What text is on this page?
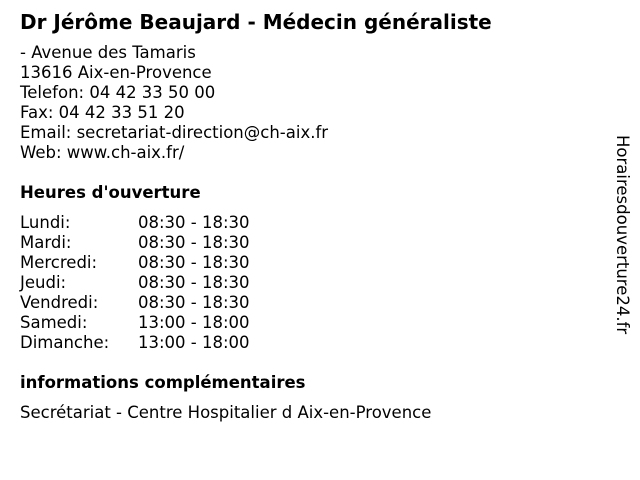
Dr Jérôme Beaujard - Médecin généraliste
- Avenue des Tamaris
13616 Aix-en-Provence
Telefon: 04 42 33 50 00
Fax: 04 42 33 51 20
Email: secretariat-direction@ch-aix.fr
Web: www.ch-aix.fr/
Heures d'ouverture
Lundi:	08:30 - 18:30
Mardi:	08:30 - 18:30
Mercredi:	08:30 - 18:30
Jeudi:	08:30 - 18:30
Vendredi:	08:30 - 18:30
Samedi:	13:00 - 18:00
Dimanche:	13:00 - 18:00
informations complémentaires
Secrétariat - Centre Hospitalier d Aix-en-Provence
Horairesdouverture24.fr
